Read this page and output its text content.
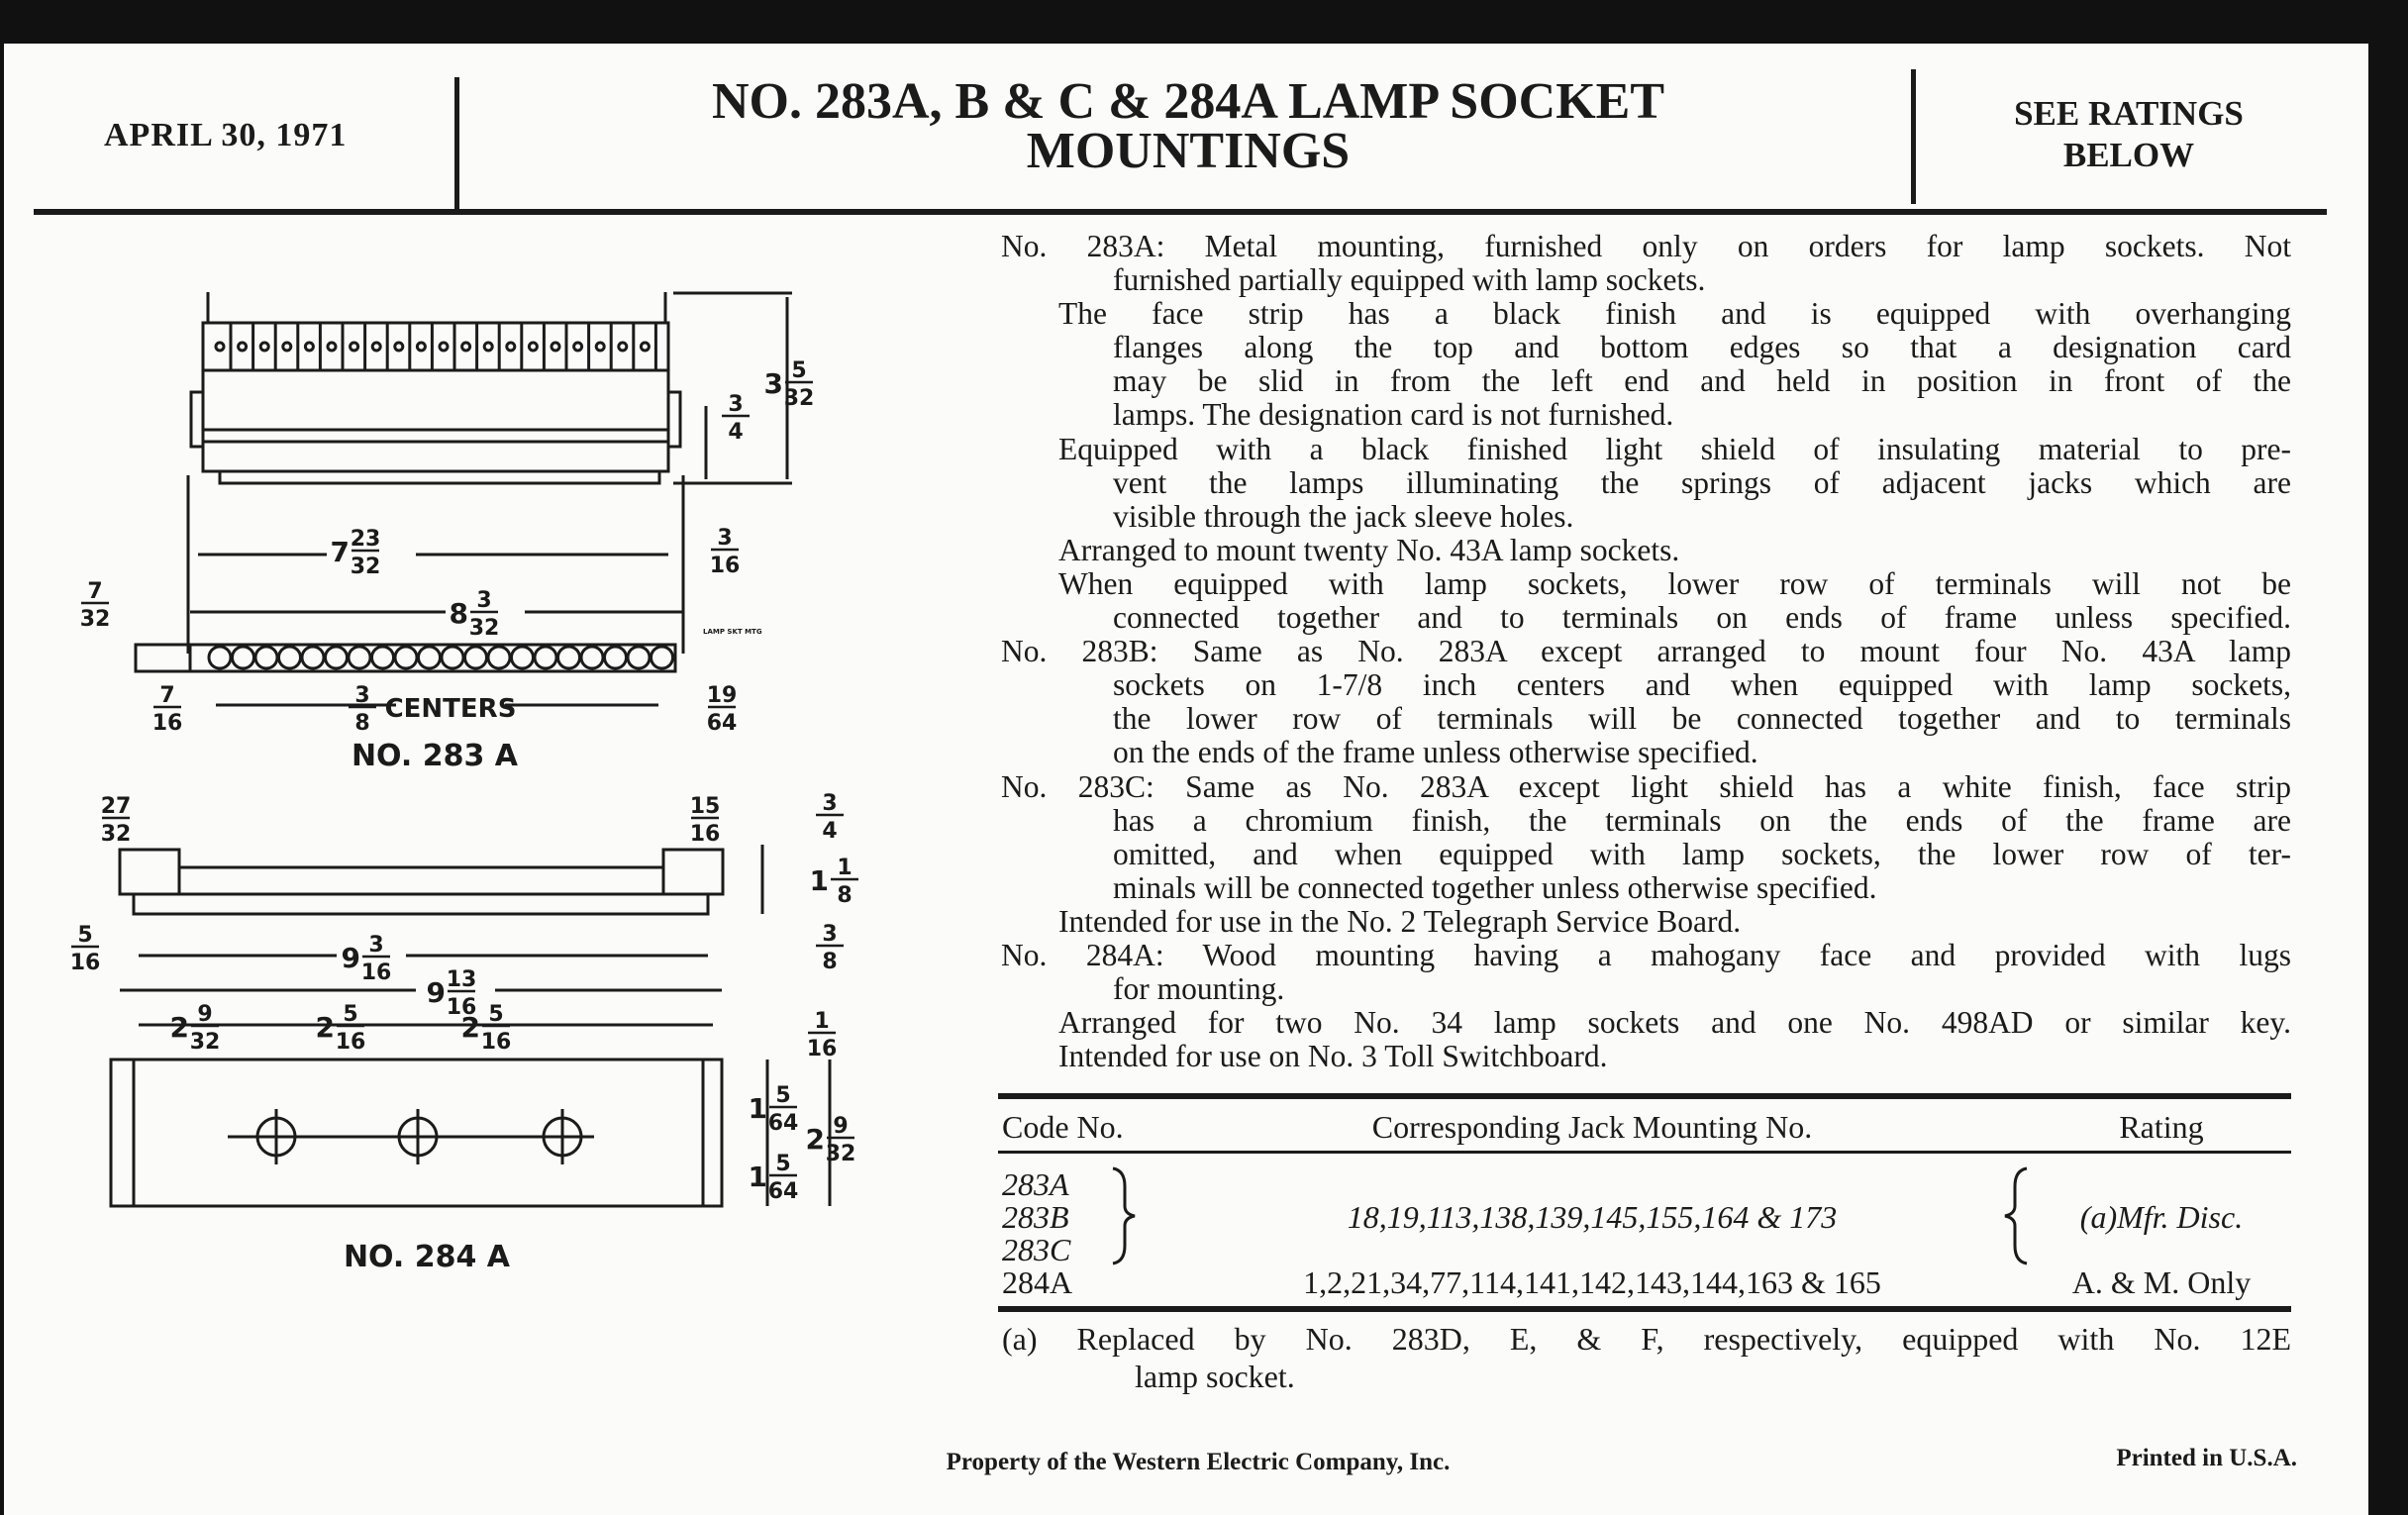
APRIL 30, 1971
NO. 283A, B & C & 284A LAMP SOCKET
MOUNTINGS
SEE RATINGS
BELOW
3 5
32
3
4
7 23
32
3
16
8 3
32
7
32
7
16
3
8
19
64
27
32
15
16
3
4
1 1
8
5
16	9 3
16
3
8
9 13
16
2 9
32	2 5
16	2 5
16
1
16
1 5
64 2 9
32
1 5
64
NO. 283 A
NO. 284 A
LAMP SKT MTG
CENTERS
No. 283A: Metal mounting, furnished only on orders for lamp sockets. Not
furnished partially equipped with lamp sockets.
The face strip has a black finish and is equipped with overhanging
flanges along the top and bottom edges so that a designation card
may be slid in from the left end and held in position in front of the
lamps. The designation card is not furnished.
Equipped with a black finished light shield of insulating material to pre-
vent the lamps illuminating the springs of adjacent jacks which are
visible through the jack sleeve holes.
Arranged to mount twenty No. 43A lamp sockets.
When equipped with lamp sockets, lower row of terminals will not be
connected together and to terminals on ends of frame unless specified.
No. 283B: Same as No. 283A except arranged to mount four No. 43A lamp
sockets on 1-7/8 inch centers and when equipped with lamp sockets,
the lower row of terminals will be connected together and to terminals
on the ends of the frame unless otherwise specified.
No. 283C: Same as No. 283A except light shield has a white finish, face strip
has a chromium finish, the terminals on the ends of the frame are
omitted, and when equipped with lamp sockets, the lower row of ter-
minals will be connected together unless otherwise specified.
Intended for use in the No. 2 Telegraph Service Board.
No. 284A: Wood mounting having a mahogany face and provided with lugs
for mounting.
Arranged for two No. 34 lamp sockets and one No. 498AD or similar key.
Intended for use on No. 3 Toll Switchboard.
Code No.	Corresponding Jack Mounting No.	Rating
283A
283B
283C
18,19,113,138,139,145,155,164 & 173	(a)Mfr. Disc.
284A	1,2,21,34,77,114,141,142,143,144,163 & 165	A. & M. Only
(a) Replaced by No. 283D, E, & F, respectively, equipped with No. 12E
lamp socket.
Property of the Western Electric Company, Inc.	Printed in U.S.A.
